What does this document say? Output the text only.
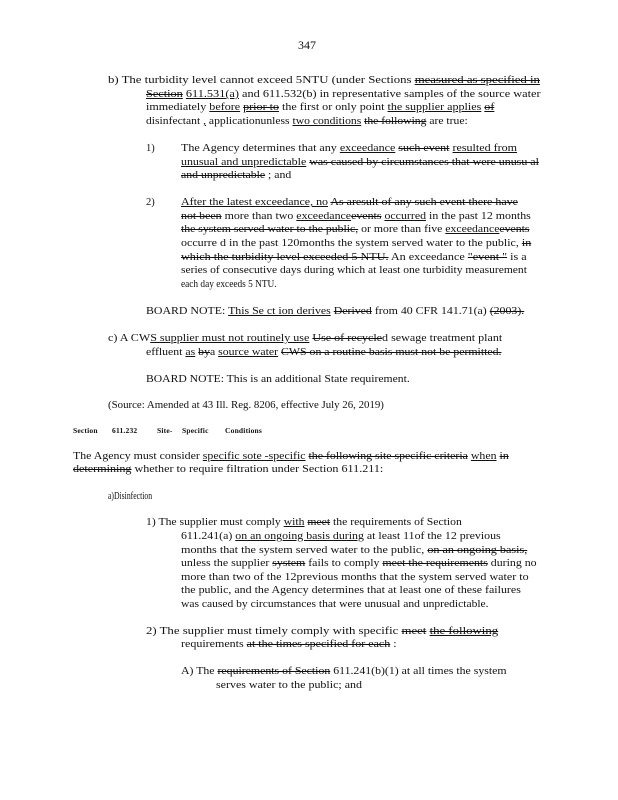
347
b) The turbidity level cannot exceed 5NTU (under Sections measured as specified in
Section 611.531(a) and 611.532(b) in representative samples of the source water
immediately before prior to the first or only point the supplier applies of
disinfectant , applicationunless two conditions the following are true:
1)	The Agency determines that any exceedance such event resulted from
unusual and unpredictable was caused by circumstances that were unusu al
and unpredictable ; and
2)	After the latest exceedance, no As aresult of any such event there have
not been more than two exceedanceevents occurred in the past 12 months
the system served water to the public, or more than five exceedanceevents
occurre d in the past 120months the system served water to the public, in
which the turbidity level exceeded 5 NTU. An exceedance "event " is a
series of consecutive days during which at least one turbidity measurement
each day exceeds 5 NTU.
BOARD NOTE: This Se ct ion derives Derived from 40 CFR 141.71(a) (2003).
c) A CWS supplier must not routinely use Use of recycled sewage treatment plant
effluent as bya source water CWS on a routine basis must not be permitted.
BOARD NOTE: This is an additional State requirement.
(Source: Amended at 43 Ill. Reg. 8206, effective July 26, 2019)
Section 611.232	Site- Specific Conditions
The Agency must consider specific sote -specific the following site specific criteria when in
determining whether to require filtration under Section 611.211:
a)Disinfection
1) The supplier must comply with meet the requirements of Section
611.241(a) on an ongoing basis during at least 11of the 12 previous
months that the system served water to the public, on an ongoing basis,
unless the supplier system fails to comply meet the requirements during no
more than two of the 12previous months that the system served water to
the public, and the Agency determines that at least one of these failures
was caused by circumstances that were unusual and unpredictable.
2) The supplier must timely comply with specific meet the following
requirements at the times specified for each :
A) The requirements of Section 611.241(b)(1) at all times the system
serves water to the public; and
